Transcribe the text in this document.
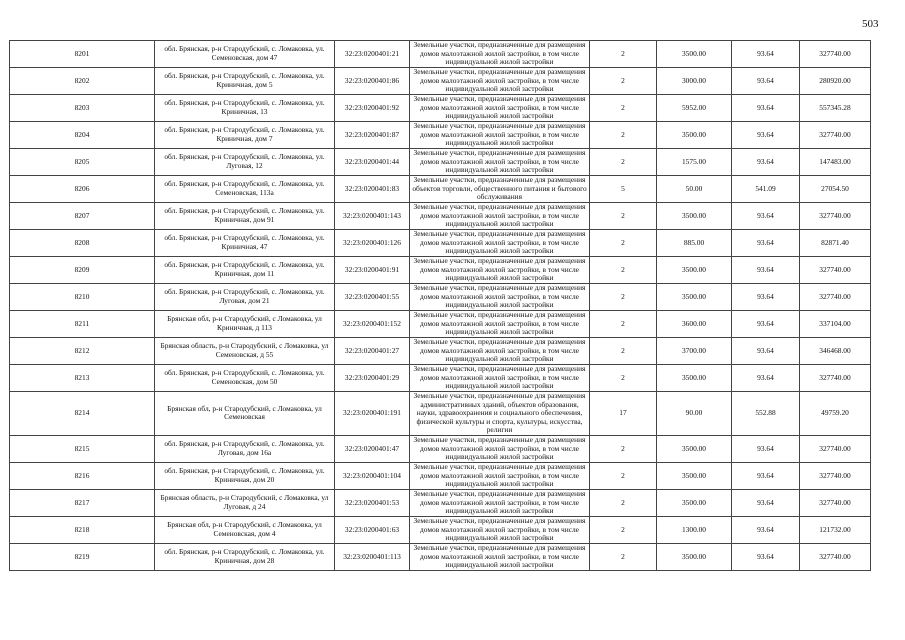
503
8201	обл. Брянская, р-н Стародубский, с. Ломаковка, ул. Семеновская, дом 47	32:23:0200401:21	Земельные участки, предназначенные для размещения домов малоэтажной жилой застройки, в том числе индивидуальной жилой застройки	2	3500.00	93.64	327740.00
8202	обл. Брянская, р-н Стародубский, с. Ломаковка, ул. Криничная, дом 5	32:23:0200401:86	Земельные участки, предназначенные для размещения домов малоэтажной жилой застройки, в том числе индивидуальной жилой застройки	2	3000.00	93.64	280920.00
8203	обл. Брянская, р-н Стародубский, с. Ломаковка, ул. Криничная, 13	32:23:0200401:92	Земельные участки, предназначенные для размещения домов малоэтажной жилой застройки, в том числе индивидуальной жилой застройки	2	5952.00	93.64	557345.28
8204	обл. Брянская, р-н Стародубский, с. Ломаковка, ул. Криничная, дом 7	32:23:0200401:87	Земельные участки, предназначенные для размещения домов малоэтажной жилой застройки, в том числе индивидуальной жилой застройки	2	3500.00	93.64	327740.00
8205	обл. Брянская, р-н Стародубский, с. Ломаковка, ул. Луговая, 12	32:23:0200401:44	Земельные участки, предназначенные для размещения домов малоэтажной жилой застройки, в том числе индивидуальной жилой застройки	2	1575.00	93.64	147483.00
8206	обл. Брянская, р-н Стародубский, с. Ломаковка, ул. Семеновская, 113а	32:23:0200401:83	Земельные участки, предназначенные для размещения объектов торговли, общественного питания и бытового обслуживания	5	50.00	541.09	27054.50
8207	обл. Брянская, р-н Стародубский, с. Ломаковка, ул. Криничная, дом 91	32:23:0200401:143	Земельные участки, предназначенные для размещения домов малоэтажной жилой застройки, в том числе индивидуальной жилой застройки	2	3500.00	93.64	327740.00
8208	обл. Брянская, р-н Стародубский, с. Ломаковка, ул. Криничная, 47	32:23:0200401:126	Земельные участки, предназначенные для размещения домов малоэтажной жилой застройки, в том числе индивидуальной жилой застройки	2	885.00	93.64	82871.40
8209	обл. Брянская, р-н Стародубский, с. Ломаковка, ул. Криничная, дом 11	32:23:0200401:91	Земельные участки, предназначенные для размещения домов малоэтажной жилой застройки, в том числе индивидуальной жилой застройки	2	3500.00	93.64	327740.00
8210	обл. Брянская, р-н Стародубский, с. Ломаковка, ул. Луговая, дом 21	32:23:0200401:55	Земельные участки, предназначенные для размещения домов малоэтажной жилой застройки, в том числе индивидуальной жилой застройки	2	3500.00	93.64	327740.00
8211	Брянская обл, р-н Стародубский, с Ломаковка, ул Криничная, д 113	32:23:0200401:152	Земельные участки, предназначенные для размещения домов малоэтажной жилой застройки, в том числе индивидуальной жилой застройки	2	3600.00	93.64	337104.00
8212	Брянская область, р-н Стародубский, с Ломаковка, ул Семеновская, д 55	32:23:0200401:27	Земельные участки, предназначенные для размещения домов малоэтажной жилой застройки, в том числе индивидуальной жилой застройки	2	3700.00	93.64	346468.00
8213	обл. Брянская, р-н Стародубский, с. Ломаковка, ул. Семеновская, дом 50	32:23:0200401:29	Земельные участки, предназначенные для размещения домов малоэтажной жилой застройки, в том числе индивидуальной жилой застройки	2	3500.00	93.64	327740.00
8214	Брянская обл, р-н Стародубский, с Ломаковка, ул Семеновская	32:23:0200401:191	Земельные участки, предназначенные для размещения административных зданий, объектов образования, науки, здравоохранения и социального обеспечения, физической культуры и спорта, культуры, искусства, религии	17	90.00	552.88	49759.20
8215	обл. Брянская, р-н Стародубский, с. Ломаковка, ул. Луговая, дом 16а	32:23:0200401:47	Земельные участки, предназначенные для размещения домов малоэтажной жилой застройки, в том числе индивидуальной жилой застройки	2	3500.00	93.64	327740.00
8216	обл. Брянская, р-н Стародубский, с. Ломаковка, ул. Криничная, дом 20	32:23:0200401:104	Земельные участки, предназначенные для размещения домов малоэтажной жилой застройки, в том числе индивидуальной жилой застройки	2	3500.00	93.64	327740.00
8217	Брянская область, р-н Стародубский, с Ломаковка, ул Луговая, д 24	32:23:0200401:53	Земельные участки, предназначенные для размещения домов малоэтажной жилой застройки, в том числе индивидуальной жилой застройки	2	3500.00	93.64	327740.00
8218	Брянская обл, р-н Стародубский, с Ломаковка, ул Семеновская, дом 4	32:23:0200401:63	Земельные участки, предназначенные для размещения домов малоэтажной жилой застройки, в том числе индивидуальной жилой застройки	2	1300.00	93.64	121732.00
8219	обл. Брянская, р-н Стародубский, с. Ломаковка, ул. Криничная, дом 28	32:23:0200401:113	Земельные участки, предназначенные для размещения домов малоэтажной жилой застройки, в том числе индивидуальной жилой застройки	2	3500.00	93.64	327740.00
